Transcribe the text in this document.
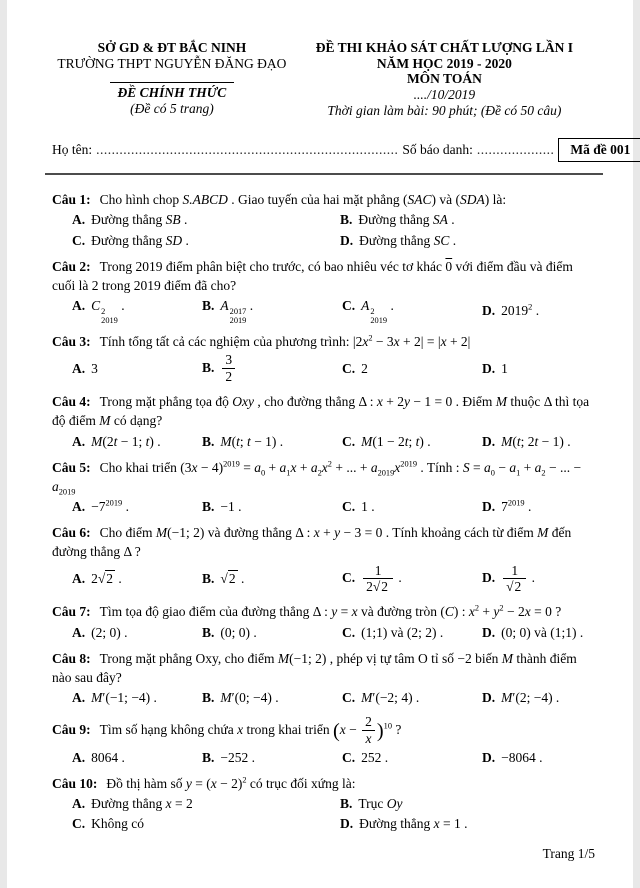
SỞ GD & ĐT BẮC NINH
TRƯỜNG THPT NGUYỄN ĐĂNG ĐẠO
ĐỀ CHÍNH THỨC
(Đề có 5 trang)
ĐỀ THI KHẢO SÁT CHẤT LƯỢNG LẦN I
NĂM HỌC 2019 - 2020
MÔN TOÁN
..../10/2019
Thời gian làm bài: 90 phút; (Đề có 50 câu)
Họ tên: .............................................................................. Số báo danh: ....................	Mã đề 001

Câu 1: Cho hình chop S.ABCD . Giao tuyến của hai mặt phẳng (SAC) và (SDA) là:

A. Đường thẳng SB .	B. Đường thẳng SA .
C. Đường thẳng SD .	D. Đường thẳng SC .

Câu 2: Trong 2019 điểm phân biệt cho trước, có bao nhiêu véc tơ khác 0 với điểm đầu và điểm cuối là 2 trong 2019 điểm đã cho?

A. C 2
2019
.	B. A 2017
2019
.	C. A 2
2019
.	D. 2019$^2$ .

Câu 3: Tính tổng tất cả các nghiệm của phương trình: $|2x^2 - 3x + 2| = |x + 2|$

A. 3	B. $\frac{3}{2}$	C. 2	D. 1

Câu 4: Trong mặt phẳng tọa độ Oxy , cho đường thẳng Δ : x + 2y − 1 = 0 . Điểm M thuộc Δ thì tọa độ điểm M có dạng?

A. M(2t − 1; t) .	B. M(t; t − 1) .	C. M(1 − 2t; t) .	D. M(t; 2t − 1) .

Câu 5: Cho khai triển $(3x - 4)^{2019} = a_0 + a_1x + a_2x^2$ + ... + $a_{2019}x^{2019}$ . Tính : $S = a_0 - a_1 + a_2$ − ... − $a_{2019}$

A. $-7^{2019}$ .	B. −1 .	C. 1 .	D. $7^{2019}$ .

Câu 6: Cho điểm M(−1; 2) và đường thẳng Δ : x + y − 3 = 0 . Tính khoảng cách từ điểm M đến đường thẳng Δ ?

A. 2√2 .	B. √2 .	C. $\frac{1}{2√2}$ .	D. $\frac{1}{√2}$ .

Câu 7: Tìm tọa độ giao điểm của đường thẳng Δ : y = x và đường tròn (C) : $x^2 + y^2 - 2x = 0$ ?

A. (2; 0) .	B. (0; 0) .	C. (1;1) và (2; 2) .	D. (0; 0) và (1;1) .

Câu 8: Trong mặt phẳng Oxy, cho điểm M(−1; 2) , phép vị tự tâm O tỉ số −2 biến M thành điểm nào sau đây?

A. M′(−1; −4) .	B. M′(0; −4) .	C. M′(−2; 4) .	D. M′(2; −4) .

Câu 9: Tìm số hạng không chứa x trong khai triển $(x - \frac{2}{x} )^{10}$ ?

A. 8064 .	B. −252 .	C. 252 .	D. −8064 .

Câu 10: Đồ thị hàm số $y = (x - 2)^2$ có trục đối xứng là:

A. Đường thẳng x = 2	B. Trục Oy
C. Không có	D. Đường thẳng x = 1 .
Trang 1/5
